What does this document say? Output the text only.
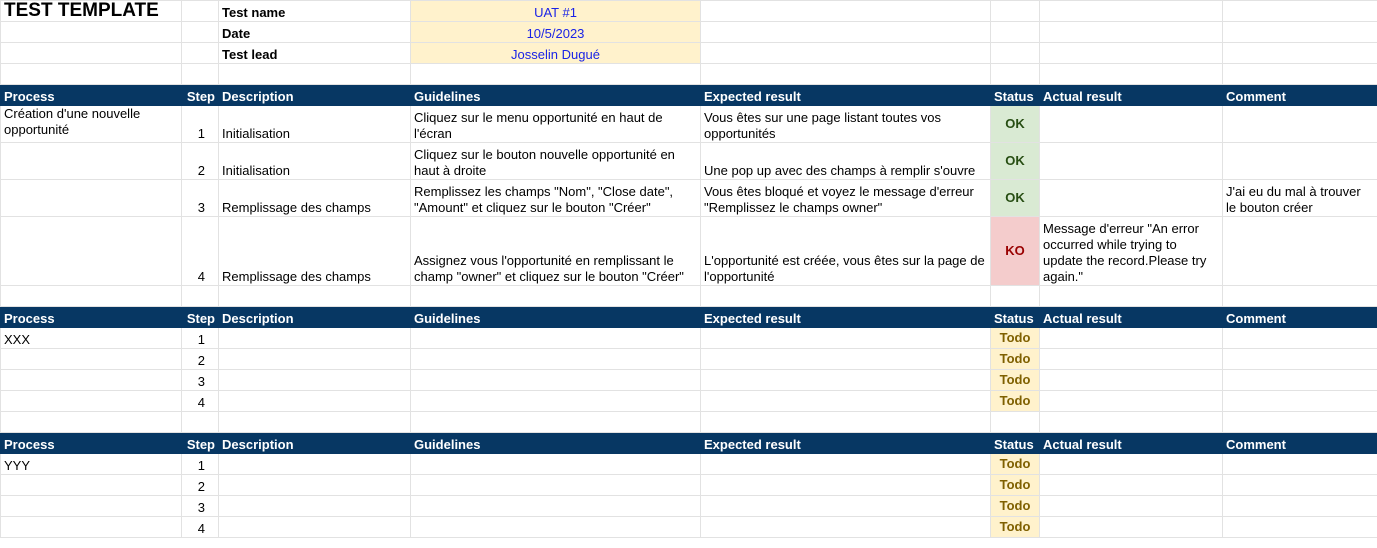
TEST TEMPLATE		Test name	UAT #1				
		Date	10/5/2023				
		Test lead	Josselin Dugué				

Process	Step	Description	Guidelines	Expected result	Status	Actual result	Comment
Création d'une nouvelle opportunité	1	Initialisation	Cliquez sur le menu opportunité en haut de l'écran	Vous êtes sur une page listant toutes vos opportunités	OK		
	2	Initialisation	Cliquez sur le bouton nouvelle opportunité en haut à droite	Une pop up avec des champs à remplir s'ouvre	OK		
	3	Remplissage des champs	Remplissez les champs "Nom", "Close date", "Amount" et cliquez sur le bouton "Créer"	Vous êtes bloqué et voyez le message d'erreur "Remplissez le champs owner"	OK		J'ai eu du mal à trouver le bouton créer
	4	Remplissage des champs	Assignez vous l'opportunité en remplissant le champ "owner" et cliquez sur le bouton "Créer"	L'opportunité est créée, vous êtes sur la page de l'opportunité	KO	Message d'erreur "An error occurred while trying to update the record.Please try again."	

Process	Step	Description	Guidelines	Expected result	Status	Actual result	Comment
XXX	1				Todo		
	2				Todo		
	3				Todo		
	4				Todo		

Process	Step	Description	Guidelines	Expected result	Status	Actual result	Comment
YYY	1				Todo		
	2				Todo		
	3				Todo		
	4				Todo		
